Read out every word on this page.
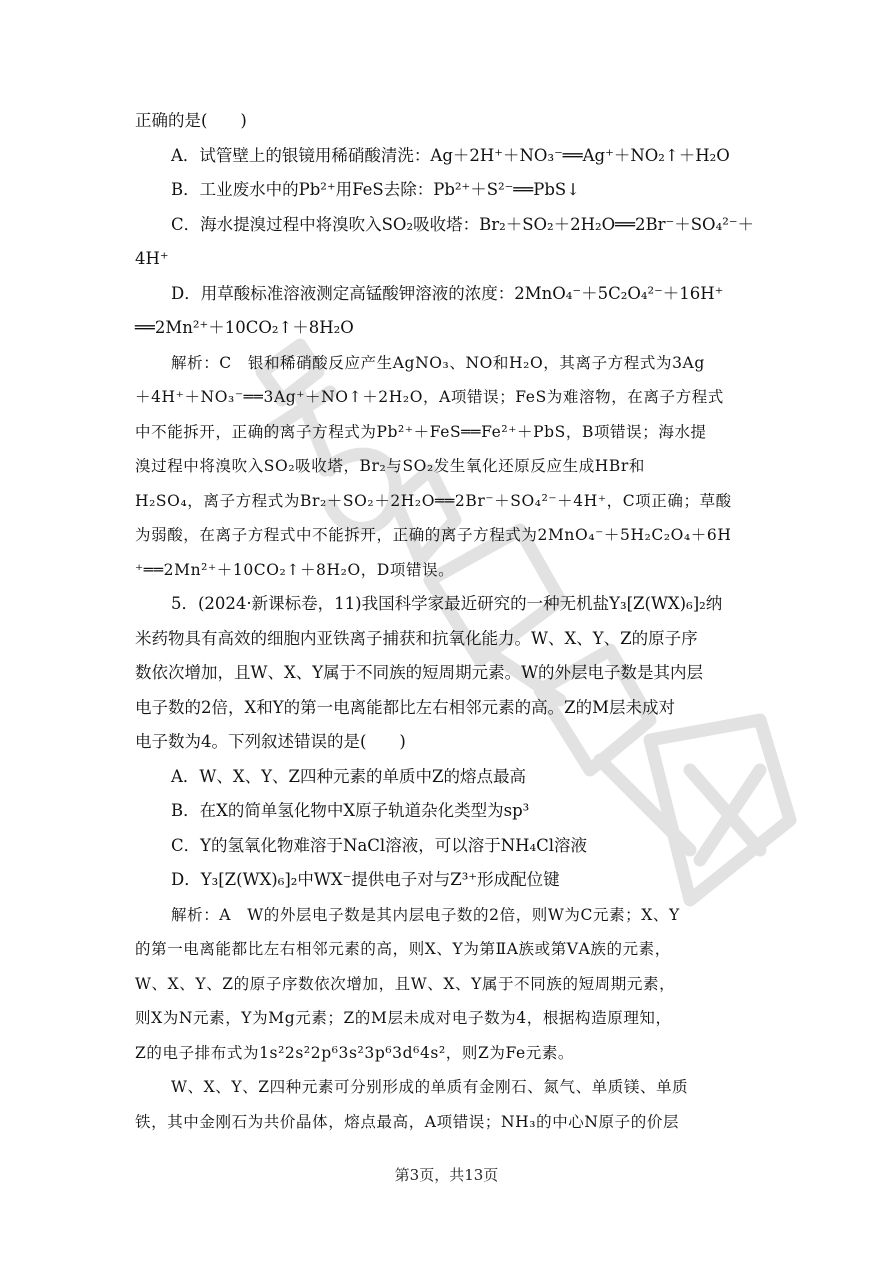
正确的是(　　)
A．试管壁上的银镜用稀硝酸清洗：Ag＋2H⁺＋NO₃⁻══Ag⁺＋NO₂↑＋H₂O
B．工业废水中的Pb²⁺用FeS去除：Pb²⁺＋S²⁻══PbS↓
C．海水提溴过程中将溴吹入SO₂吸收塔：Br₂＋SO₂＋2H₂O══2Br⁻＋SO₄²⁻＋
4H⁺
D．用草酸标准溶液测定高锰酸钾溶液的浓度：2MnO₄⁻＋5C₂O₄²⁻＋16H⁺
══2Mn²⁺＋10CO₂↑＋8H₂O
解析：C　银和稀硝酸反应产生AgNO₃、NO和H₂O，其离子方程式为3Ag
＋4H⁺＋NO₃⁻══3Ag⁺＋NO↑＋2H₂O，A项错误；FeS为难溶物，在离子方程式
中不能拆开，正确的离子方程式为Pb²⁺＋FeS══Fe²⁺＋PbS，B项错误；海水提
溴过程中将溴吹入SO₂吸收塔，Br₂与SO₂发生氧化还原反应生成HBr和
H₂SO₄，离子方程式为Br₂＋SO₂＋2H₂O══2Br⁻＋SO₄²⁻＋4H⁺，C项正确；草酸
为弱酸，在离子方程式中不能拆开，正确的离子方程式为2MnO₄⁻＋5H₂C₂O₄＋6H
⁺══2Mn²⁺＋10CO₂↑＋8H₂O，D项错误。
5．(2024·新课标卷，11)我国科学家最近研究的一种无机盐Y₃[Z(WX)₆]₂纳
米药物具有高效的细胞内亚铁离子捕获和抗氧化能力。W、X、Y、Z的原子序
数依次增加，且W、X、Y属于不同族的短周期元素。W的外层电子数是其内层
电子数的2倍，X和Y的第一电离能都比左右相邻元素的高。Z的M层未成对
电子数为4。下列叙述错误的是(　　)
A．W、X、Y、Z四种元素的单质中Z的熔点最高
B．在X的简单氢化物中X原子轨道杂化类型为sp³
C．Y的氢氧化物难溶于NaCl溶液，可以溶于NH₄Cl溶液
D．Y₃[Z(WX)₆]₂中WX⁻提供电子对与Z³⁺形成配位键
解析：A　W的外层电子数是其内层电子数的2倍，则W为C元素；X、Y
的第一电离能都比左右相邻元素的高，则X、Y为第ⅡA族或第ⅤA族的元素，
W、X、Y、Z的原子序数依次增加，且W、X、Y属于不同族的短周期元素，
则X为N元素，Y为Mg元素；Z的M层未成对电子数为4，根据构造原理知，
Z的电子排布式为1s²2s²2p⁶3s²3p⁶3d⁶4s²，则Z为Fe元素。
W、X、Y、Z四种元素可分别形成的单质有金刚石、氮气、单质镁、单质
铁，其中金刚石为共价晶体，熔点最高，A项错误；NH₃的中心N原子的价层
第3页，共13页
